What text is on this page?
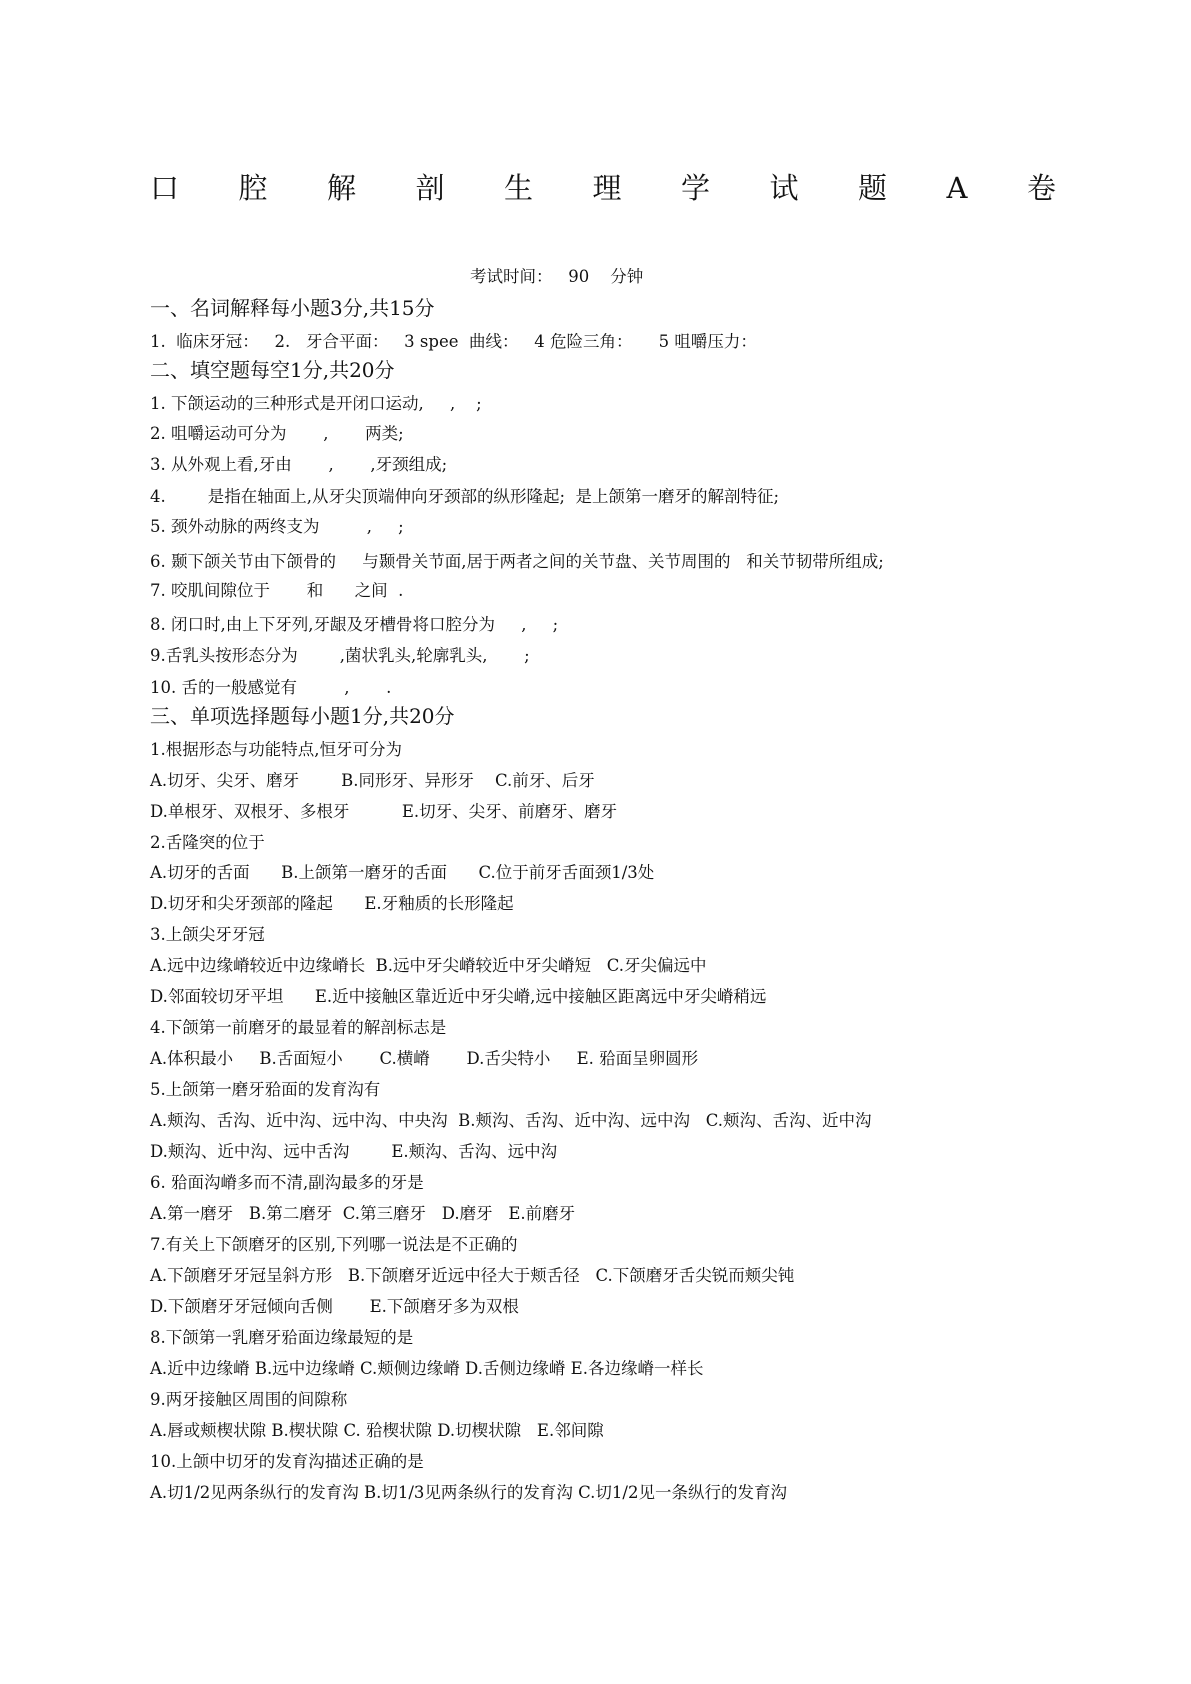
口 腔 解 剖 生 理 学 试 题 A 卷
考试时间：   90    分钟
一、名词解释每小题3分,共15分
1.  临床牙冠：   2.   牙合平面：   3 spee  曲线：   4 危险三角：     5 咀嚼压力：
二、填空题每空1分,共20分
1. 下颌运动的三种形式是开闭口运动,     ,    ;
2. 咀嚼运动可分为       ,       两类;
3. 从外观上看,牙由       ,       ,牙颈组成;
4.        是指在轴面上,从牙尖顶端伸向牙颈部的纵形隆起;  是上颌第一磨牙的解剖特征;
5. 颈外动脉的两终支为         ,     ;
6. 颞下颌关节由下颌骨的     与颞骨关节面,居于两者之间的关节盘、关节周围的   和关节韧带所组成;
7. 咬肌间隙位于       和      之间  .
8. 闭口时,由上下牙列,牙龈及牙槽骨将口腔分为     ,     ;
9.舌乳头按形态分为        ,菌状乳头,轮廓乳头,       ;
10. 舌的一般感觉有         ,       .
三、单项选择题每小题1分,共20分
1.根据形态与功能特点,恒牙可分为
A.切牙、尖牙、磨牙        B.同形牙、异形牙    C.前牙、后牙
D.单根牙、双根牙、多根牙          E.切牙、尖牙、前磨牙、磨牙
2.舌隆突的位于
A.切牙的舌面      B.上颌第一磨牙的舌面      C.位于前牙舌面颈1/3处
D.切牙和尖牙颈部的隆起      E.牙釉质的长形隆起
3.上颌尖牙牙冠
A.远中边缘嵴较近中边缘嵴长  B.远中牙尖嵴较近中牙尖嵴短   C.牙尖偏远中
D.邻面较切牙平坦      E.近中接触区靠近近中牙尖嵴,远中接触区距离远中牙尖嵴稍远
4.下颌第一前磨牙的最显着的解剖标志是
A.体积最小     B.舌面短小       C.横嵴       D.舌尖特小     E. 𬌗面呈卵圆形
5.上颌第一磨牙𬌗面的发育沟有
A.颊沟、舌沟、近中沟、远中沟、中央沟  B.颊沟、舌沟、近中沟、远中沟   C.颊沟、舌沟、近中沟
D.颊沟、近中沟、远中舌沟        E.颊沟、舌沟、远中沟
6. 𬌗面沟嵴多而不清,副沟最多的牙是
A.第一磨牙   B.第二磨牙  C.第三磨牙   D.磨牙   E.前磨牙
7.有关上下颌磨牙的区别,下列哪一说法是不正确的
A.下颌磨牙牙冠呈斜方形   B.下颌磨牙近远中径大于颊舌径   C.下颌磨牙舌尖锐而颊尖钝
D.下颌磨牙牙冠倾向舌侧       E.下颌磨牙多为双根
8.下颌第一乳磨牙𬌗面边缘最短的是
A.近中边缘嵴 B.远中边缘嵴 C.颊侧边缘嵴 D.舌侧边缘嵴 E.各边缘嵴一样长
9.两牙接触区周围的间隙称
A.唇或颊楔状隙 B.楔状隙 C. 𬌗楔状隙 D.切楔状隙   E.邻间隙
10.上颌中切牙的发育沟描述正确的是
A.切1/2见两条纵行的发育沟 B.切1/3见两条纵行的发育沟 C.切1/2见一条纵行的发育沟
